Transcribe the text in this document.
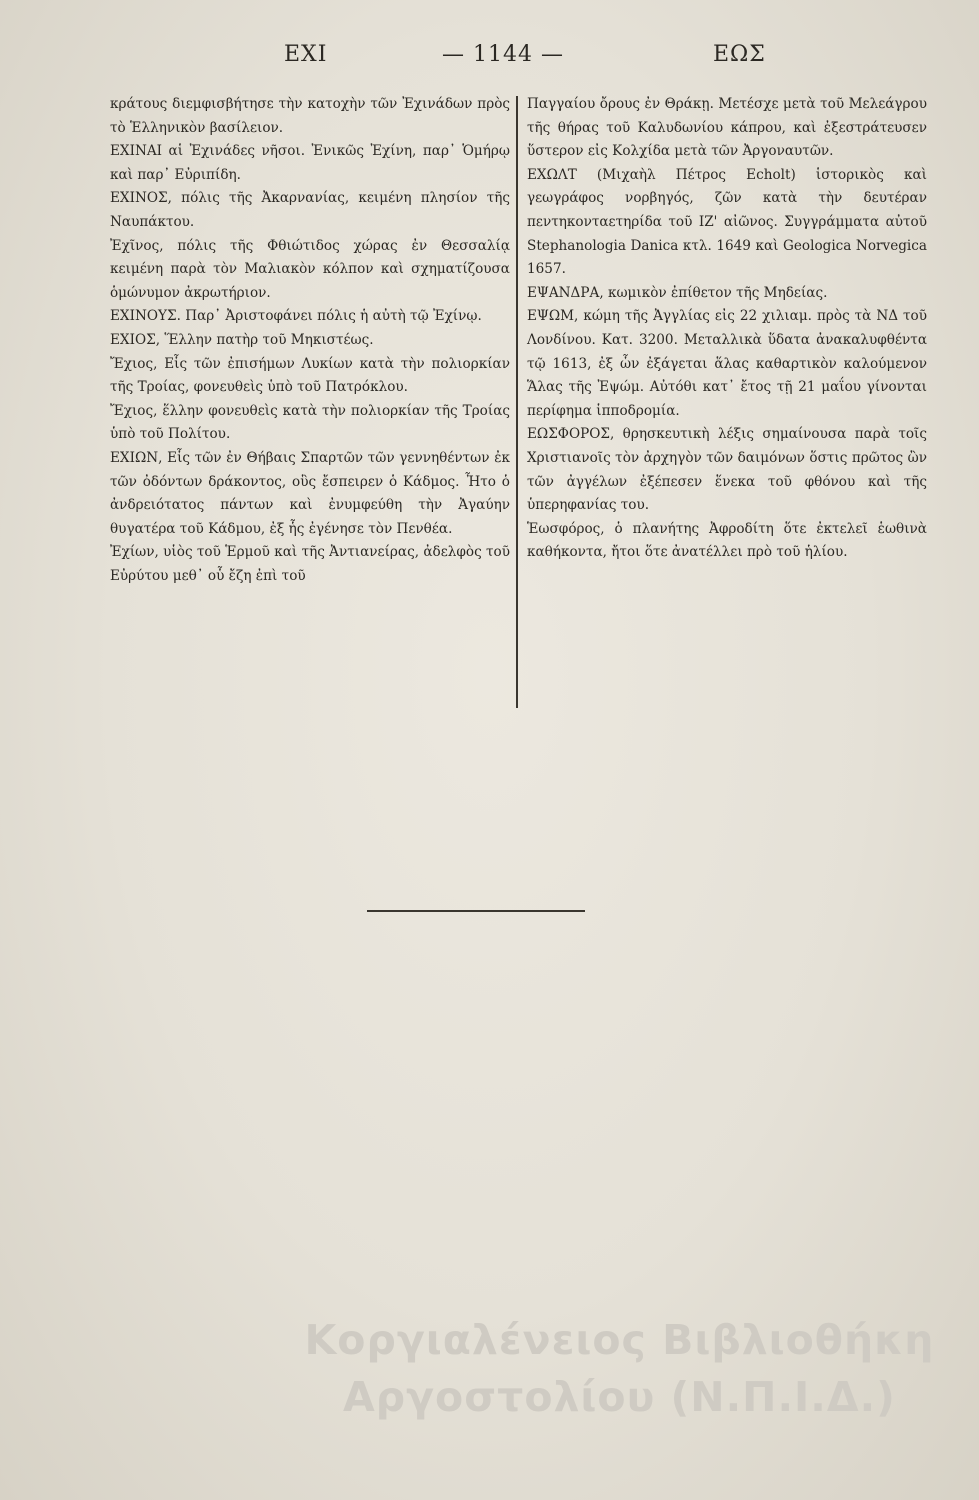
ΕΧΙ	— 1144 —	ΕΩΣ

κράτους διεμφισβήτησε τὴν κατοχὴν τῶν Ἐχινάδων πρὸς τὸ Ἑλληνικὸν βασίλειον.

ΕΧΙΝΑΙ αἱ Ἐχινάδες νῆσοι. Ἐνικῶς Ἐχίνη, παρ᾽ Ὁμήρῳ καὶ παρ᾽ Εὐριπίδη.

ΕΧΙΝΟΣ, πόλις τῆς Ἀκαρνανίας, κειμένη πλησίον τῆς Ναυπάκτου.

Ἐχῖνος, πόλις τῆς Φθιώτιδος χώρας ἐν Θεσσαλίᾳ κειμένη παρὰ τὸν Μαλιακὸν κόλπον καὶ σχηματίζουσα ὁμώνυμον ἀκρωτήριον.

ΕΧΙΝΟΥΣ. Παρ᾽ Ἀριστοφάνει πόλις ἡ αὐτὴ τῷ Ἐχίνῳ.

ΕΧΙΟΣ, Ἕλλην πατὴρ τοῦ Μηκιστέως.

Ἔχιος, Εἷς τῶν ἐπισήμων Λυκίων κατὰ τὴν πολιορκίαν τῆς Τροίας, φονευθεὶς ὑπὸ τοῦ Πατρόκλου.

Ἔχιος, ἕλλην φονευθεὶς κατὰ τὴν πολιορκίαν τῆς Τροίας ὑπὸ τοῦ Πολίτου.

ΕΧΙΩΝ, Εἷς τῶν ἐν Θήβαις Σπαρτῶν τῶν γεννηθέντων ἐκ τῶν ὀδόντων δράκοντος, οὓς ἔσπειρεν ὁ Κάδμος. Ἦτο ὁ ἀνδρειότατος πάντων καὶ ἐνυμφεύθη τὴν Ἀγαύην θυγατέρα τοῦ Κάδμου, ἐξ ἧς ἐγένησε τὸν Πενθέα.

Ἐχίων, υἱὸς τοῦ Ἑρμοῦ καὶ τῆς Ἀντιανείρας, ἀδελφὸς τοῦ Εὐρύτου μεθ᾽ οὗ ἔζη ἐπὶ τοῦ

Παγγαίου ὄρους ἐν Θράκῃ. Μετέσχε μετὰ τοῦ Μελεάγρου τῆς θήρας τοῦ Καλυδωνίου κάπρου, καὶ ἐξεστράτευσεν ὕστερον εἰς Κολχίδα μετὰ τῶν Ἀργοναυτῶν.

ΕΧΩΛΤ (Μιχαὴλ Πέτρος Echolt) ἱστορικὸς καὶ γεωγράφος νορβηγός, ζῶν κατὰ τὴν δευτέραν πεντηκονταετηρίδα τοῦ ΙΖ' αἰῶνος. Συγγράμματα αὐτοῦ Stephanologia Danica κτλ. 1649 καὶ Geologica Norvegica 1657.

ΕΨΑΝΔΡΑ, κωμικὸν ἐπίθετον τῆς Μηδείας.

ΕΨΩΜ, κώμη τῆς Ἀγγλίας εἰς 22 χιλιαμ. πρὸς τὰ ΝΔ τοῦ Λονδίνου. Κατ. 3200. Μεταλλικὰ ὕδατα ἀνακαλυφθέντα τῷ 1613, ἐξ ὧν ἐξάγεται ἅλας καθαρτικὸν καλούμενον Ἅλας τῆς Ἐψώμ. Αὐτόθι κατ᾽ ἔτος τῇ 21 μαΐου γίνονται περίφημα ἱπποδρομία.

ΕΩΣΦΟΡΟΣ, θρησκευτικὴ λέξις σημαίνουσα παρὰ τοῖς Χριστιανοῖς τὸν ἀρχηγὸν τῶν δαιμόνων ὅστις πρῶτος ὢν τῶν ἀγγέλων ἐξέπεσεν ἕνεκα τοῦ φθόνου καὶ τῆς ὑπερηφανίας του.

Ἑωσφόρος, ὁ πλανήτης Ἀφροδίτη ὅτε ἐκτελεῖ ἑωθινὰ καθήκοντα, ἤτοι ὅτε ἀνατέλλει πρὸ τοῦ ἡλίου.

Κοργιαλένειος Βιβλιοθήκη
Αργοστολίου (Ν.Π.Ι.Δ.)
